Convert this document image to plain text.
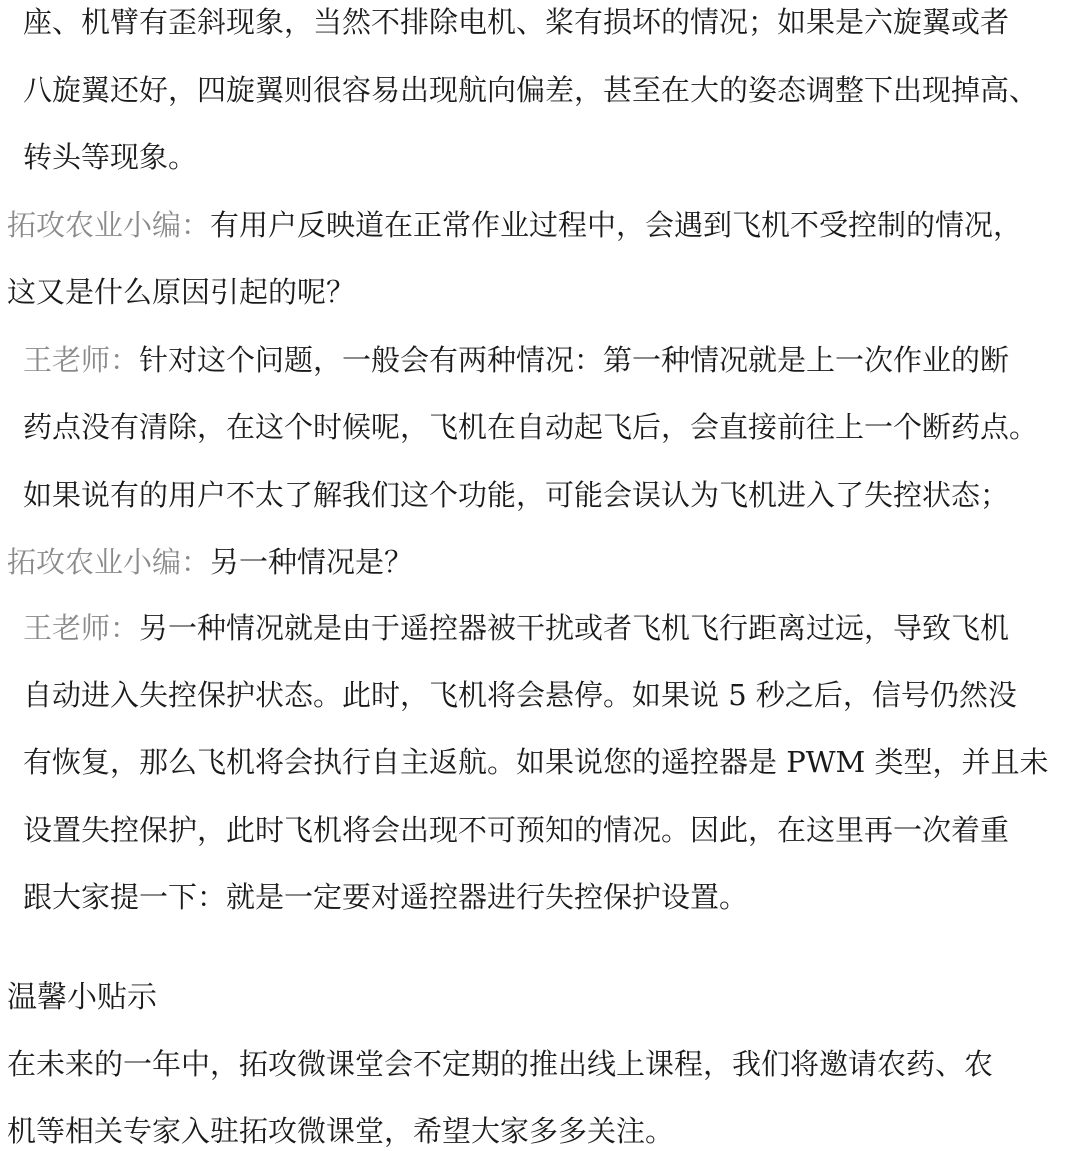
座、机臂有歪斜现象，当然不排除电机、桨有损坏的情况；如果是六旋翼或者
八旋翼还好，四旋翼则很容易出现航向偏差，甚至在大的姿态调整下出现掉高、
转头等现象。
拓攻农业小编：有用户反映道在正常作业过程中，会遇到飞机不受控制的情况，
这又是什么原因引起的呢？
王老师：针对这个问题，一般会有两种情况：第一种情况就是上一次作业的断
药点没有清除，在这个时候呢，飞机在自动起飞后，会直接前往上一个断药点。
如果说有的用户不太了解我们这个功能，可能会误认为飞机进入了失控状态；
拓攻农业小编：另一种情况是？
王老师：另一种情况就是由于遥控器被干扰或者飞机飞行距离过远，导致飞机
自动进入失控保护状态。此时，飞机将会悬停。如果说 5 秒之后，信号仍然没
有恢复，那么飞机将会执行自主返航。如果说您的遥控器是 PWM 类型，并且未
设置失控保护，此时飞机将会出现不可预知的情况。因此，在这里再一次着重
跟大家提一下：就是一定要对遥控器进行失控保护设置。
温馨小贴示
在未来的一年中，拓攻微课堂会不定期的推出线上课程，我们将邀请农药、农
机等相关专家入驻拓攻微课堂，希望大家多多关注。
